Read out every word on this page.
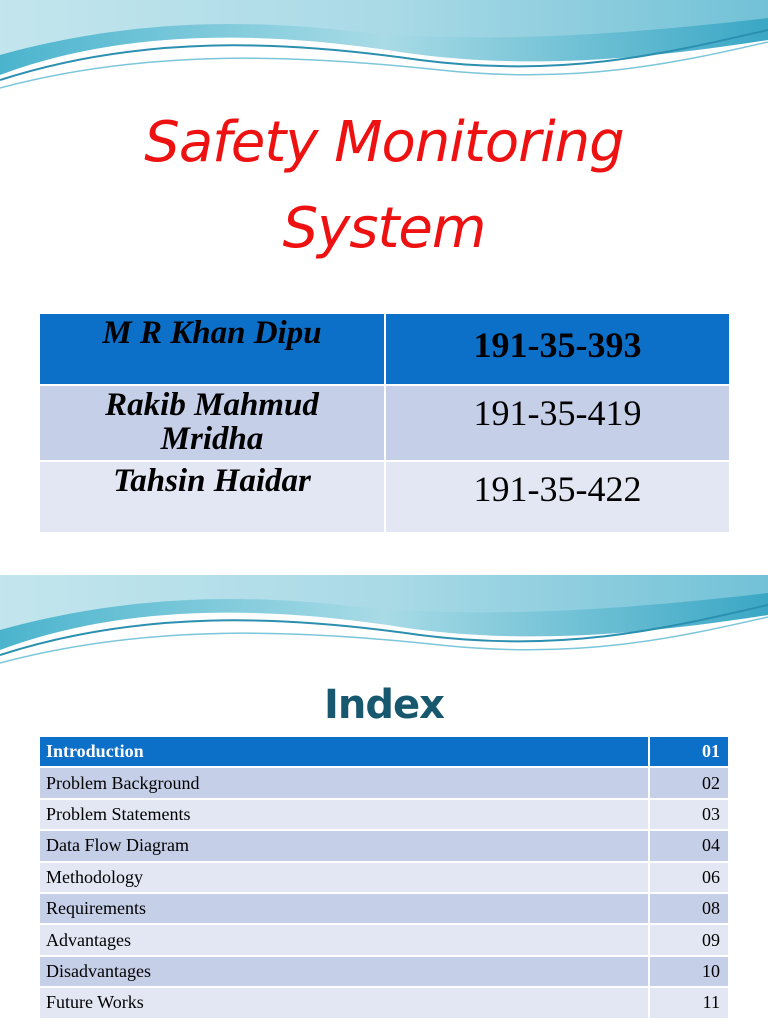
Safety Monitoring
System
M R Khan Dipu	191-35-393

Rakib Mahmud
Mridha	191-35-419

Tahsin Haidar	191-35-422
Index
Introduction	01
Problem Background	02
Problem Statements	03
Data Flow Diagram	04
Methodology	06
Requirements	08
Advantages	09
Disadvantages	10
Future Works	11
